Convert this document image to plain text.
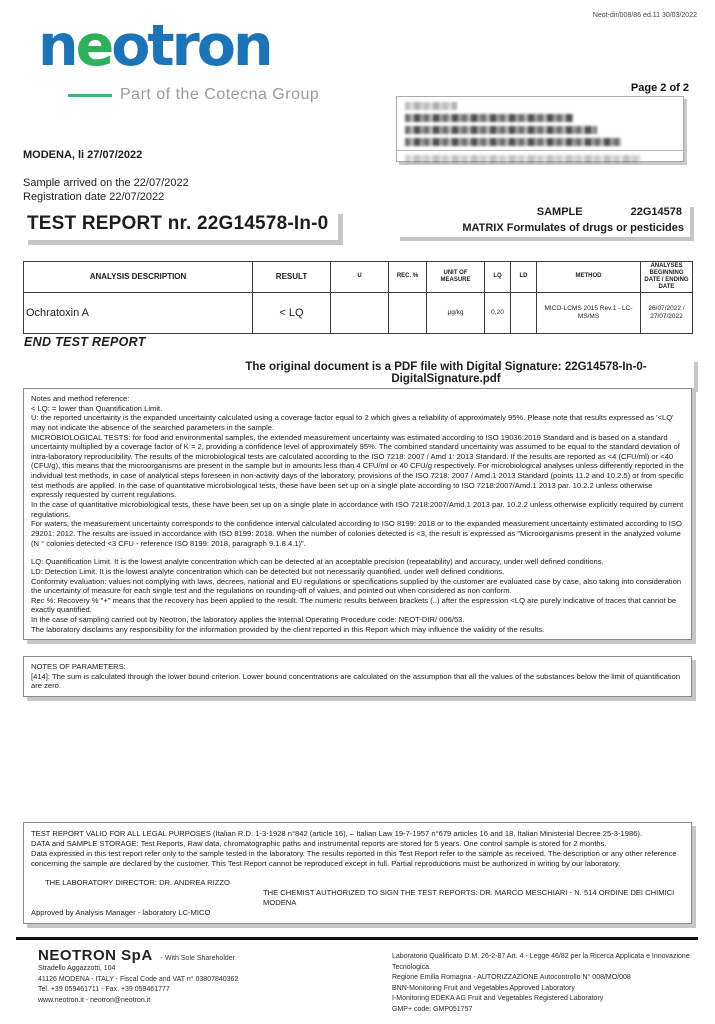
Neot-dir/008/86 ed.11 30/03/2022
neotron
Part of the Cotecna Group	Page 2 of 2
MODENA, li 27/07/2022
Sample arrived on the 22/07/2022
Registration date 22/07/2022
TEST REPORT nr. 22G14578-In-0
SAMPLE	22G14578
MATRIX Formulates of drugs or pesticides
ANALYSIS DESCRIPTION	RESULT	U	REC. %	UNIT OF MEASURE	LQ	LD	METHOD	ANALYSES BEGINNING DATE / ENDING DATE
Ochratoxin A	< LQ			µg/kg	0,20		MICO-LCMS 2015 Rev.1 - LC-MS/MS	26/07/2022 / 27/07/2022
END TEST REPORT
The original document is a PDF file with Digital Signature: 22G14578-In-0-DigitalSignature.pdf
Notes and method reference:
< LQ: = lower than Quantification Limit.
U: the reported uncertainty is the expanded uncertainty calculated using a coverage factor equal to 2 which gives a reliability of approximately 95%. Please note that results expressed as '<LQ' may not indicate the absence of the searched parameters in the sample.
MICROBIOLOGICAL TESTS: for food and environmental samples, the extended measurement uncertainty was estimated according to ISO 19036:2019 Standard and is based on a standard uncertainty multiplied by a coverage factor of K = 2, providing a confidence level of approximately 95%. The combined standard uncertainty was assumed to be equal to the standard deviation of intra-laboratory reproducibility. The results of the microbiological tests are calculated according to the ISO 7218: 2007 / Amd 1: 2013 Standard. If the results are reported as <4 (CFU/ml) or <40 (CFU/g), this means that the microorganisms are present in the sample but in amounts less than 4 CFU/ml or 40 CFU/g respectively. For microbiological analyses unless differently reported in the individual test methods, in case of analytical steps foreseen in non-activity days of the laboratory, provisions of the ISO 7218: 2007 / Amd.1 2013 Standard (points 11.2 and 10.2.5) or from specific test methods are applied. In the case of quantitative microbiological tests, these have been set up on a single plate according to ISO 7218:2007/Amd.1 2013 par. 10.2.2 unless otherwise expressly requested by current regulations.
In the case of quantitative microbiological tests, these have been set up on a single plate in accordance with ISO 7218:2007/Amd.1 2013 par. 10.2.2 unless otherwise explicitly required by current regulations.
For waters, the measurement uncertainty corresponds to the confidence interval calculated according to ISO 8199: 2018 or to the expanded measurement uncertainty estimated according to ISO 29201: 2012. The results are issued in accordance with ISO 8199: 2018. When the number of colonies detected is <3, the result is expressed as "Microorganisms present in the analyzed volume (N ° colonies detected <3 CFU - reference ISO 8199: 2018, paragraph 9.1.8.4.1)".
LQ: Quantification Limit. It is the lowest analyte concentration which can be detected at an acceptable precision (repeatability) and accuracy, under well defined conditions.
LD: Detection Limit. It is the lowest analyte concentration which can be detected but not necessarily quantified, under well defined conditions.
Conformity evaluation: values not complying with laws, decrees, national and EU regulations or specifications supplied by the customer are evaluated case by case, also taking into consideration the uncertainty of measure for each single test and the regulations on rounding-off of values, and pointed out when considered as non conform.
Rec %: Recovery % "+" means that the recovery has been applied to the result. The numeric results between brackets (..) after the espression <LQ are purely indicative of traces that cannot be exactly quantified.
In the case of sampling carried out by Neotron, the laboratory applies the Internal Operating Procedure code: NEOT-DIR/ 006/53.
The laboratory disclaims any responsibility for the information provided by the client reported in this Report which may influence the validity of the results.
NOTES OF PARAMETERS:
[414]: The sum is calculated through the lower bound criterion. Lower bound concentrations are calculated on the assumption that all the values of the substances below the limit of quantification are zero.
TEST REPORT VALID FOR ALL LEGAL PURPOSES (Italian R.D. 1-3-1928 n°842 (article 16), – Italian Law 19-7-1957 n°679 articles 16 and 18, Italian Ministerial Decree 25-3-1986).
DATA and SAMPLE STORAGE: Test Reports, Raw data, chromatographic paths and instrumental reports are stored for 5 years. One control sample is stored for 2 months.
Data expressed in this test report refer only to the sample tested in the laboratory. The results reported in this Test Report refer to the sample as received. The description or any other reference concerning the sample are declared by the customer. This Test Report cannot be reproduced except in full. Partial reproductions must be authorized in writing by our laboratory.
THE LABORATORY DIRECTOR: DR. ANDREA RIZZO
THE CHEMIST AUTHORIZED TO SIGN THE TEST REPORTS: DR. MARCO MESCHIARI - N. 514 ORDINE DEI CHIMICI MODENA
Approved by Analysis Manager - laboratory LC-MICO
NEOTRON SpA - With Sole Shareholder
Stradello Aggazzotti, 104
41126 MODENA - ITALY - Fiscal Code and VAT n° 03807840362
Tel. +39 059461711 - Fax. +39 059461777
www.neotron.it - neotron@neotron.it
Laboratorio Qualificato D.M. 26-2-87 Art. 4 - Legge 46/82 per la Ricerca Applicata e Innovazione Tecnologica.
Regione Emilia Romagna - AUTORIZZAZIONE Autocontrollo N° 008/MO/008
BNN-Monitoring Fruit and Vegetables Approved Laboratory
I-Monitoring EDEKA AG Fruit and Vegetables Registered Laboratory
GMP+ code: GMP051757
